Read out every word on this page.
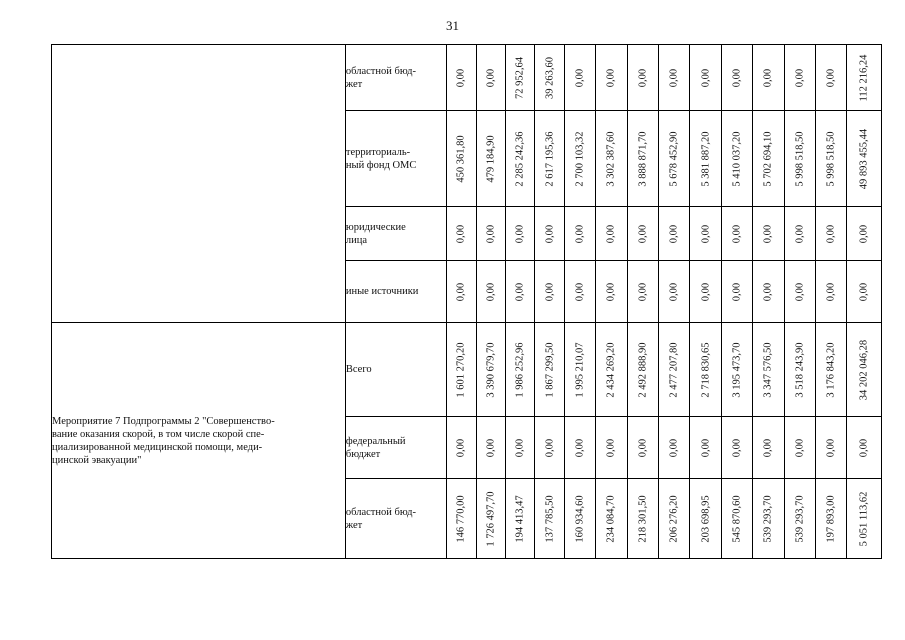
31

	областной бюд-
жет	0,00	0,00	72 952,64	39 263,60	0,00	0,00	0,00	0,00	0,00	0,00	0,00	0,00	0,00	112 216,24

	территориаль-
ный фонд ОМС	450 361,80	479 184,90	2 285 242,36	2 617 195,36	2 700 103,32	3 302 387,60	3 888 871,70	5 678 452,90	5 381 887,20	5 410 037,20	5 702 694,10	5 998 518,50	5 998 518,50	49 893 455,44

	юридические
лица	0,00	0,00	0,00	0,00	0,00	0,00	0,00	0,00	0,00	0,00	0,00	0,00	0,00	0,00

	иные источники	0,00	0,00	0,00	0,00	0,00	0,00	0,00	0,00	0,00	0,00	0,00	0,00	0,00	0,00

Мероприятие 7 Подпрограммы 2 "Совершенство-
вание оказания скорой, в том числе скорой спе-
циализированной медицинской помощи, меди-
цинской эвакуации"	Всего	1 601 270,20	3 390 679,70	1 986 252,96	1 867 299,50	1 995 210,07	2 434 269,20	2 492 888,90	2 477 207,80	2 718 830,65	3 195 473,70	3 347 576,50	3 518 243,90	3 176 843,20	34 202 046,28

	федеральный
бюджет	0,00	0,00	0,00	0,00	0,00	0,00	0,00	0,00	0,00	0,00	0,00	0,00	0,00	0,00

	областной бюд-
жет	146 770,00	1 726 497,70	194 413,47	137 785,50	160 934,60	234 084,70	218 301,50	206 276,20	203 698,95	545 870,60	539 293,70	539 293,70	197 893,00	5 051 113,62
